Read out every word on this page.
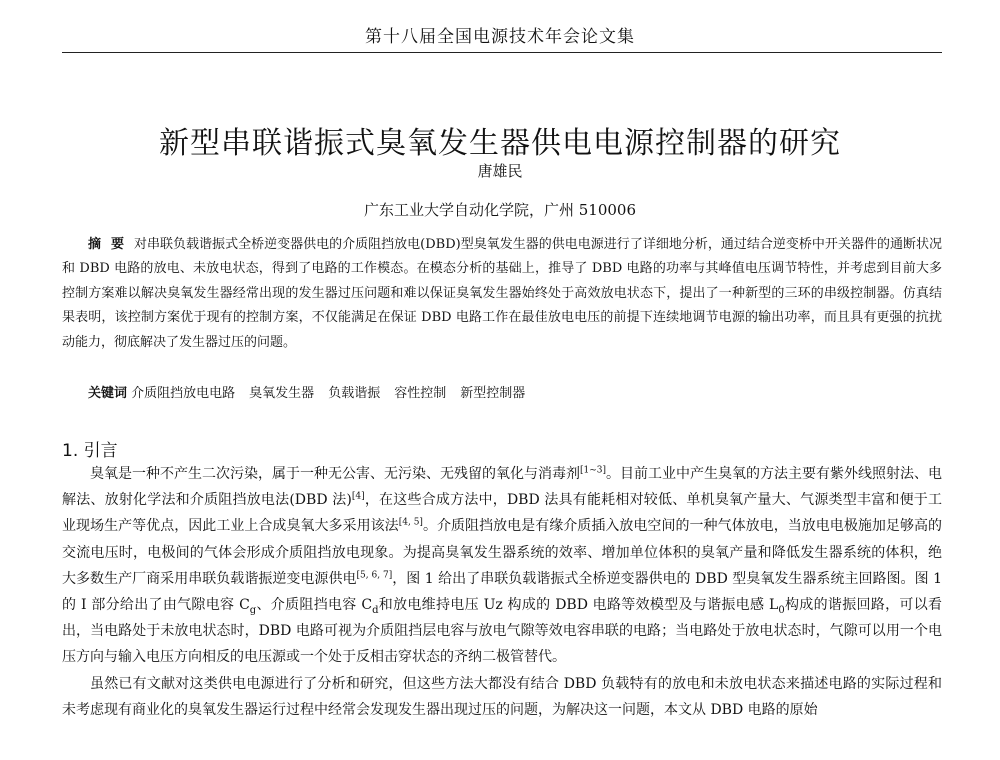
第十八届全国电源技术年会论文集
新型串联谐振式臭氧发生器供电电源控制器的研究
唐雄民
广东工业大学自动化学院，广州 510006
摘要对串联负载谐振式全桥逆变器供电的介质阻挡放电(DBD)型臭氧发生器的供电电源进行了详细地分析，通过结合逆变桥中开关器件的通断状况和 DBD 电路的放电、未放电状态，得到了电路的工作模态。在模态分析的基础上，推导了 DBD 电路的功率与其峰值电压调节特性，并考虑到目前大多控制方案难以解决臭氧发生器经常出现的发生器过压问题和难以保证臭氧发生器始终处于高效放电状态下，提出了一种新型的三环的串级控制器。仿真结果表明，该控制方案优于现有的控制方案，不仅能满足在保证 DBD 电路工作在最佳放电电压的前提下连续地调节电源的输出功率，而且具有更强的抗扰动能力，彻底解决了发生器过压的问题。
关键词 介质阻挡放电电路 臭氧发生器 负载谐振 容性控制 新型控制器
1. 引言

臭氧是一种不产生二次污染，属于一种无公害、无污染、无残留的氧化与消毒剂[1~3]。目前工业中产生臭氧的方法主要有紫外线照射法、电解法、放射化学法和介质阻挡放电法(DBD 法)[4]，在这些合成方法中，DBD 法具有能耗相对较低、单机臭氧产量大、气源类型丰富和便于工业现场生产等优点，因此工业上合成臭氧大多采用该法[4, 5]。介质阻挡放电是有缘介质插入放电空间的一种气体放电，当放电电极施加足够高的交流电压时，电极间的气体会形成介质阻挡放电现象。为提高臭氧发生器系统的效率、增加单位体积的臭氧产量和降低发生器系统的体积，绝大多数生产厂商采用串联负载谐振逆变电源供电[5, 6, 7]，图 1 给出了串联负载谐振式全桥逆变器供电的 DBD 型臭氧发生器系统主回路图。图 1 的 I 部分给出了由气隙电容 $C_g$、介质阻挡电容 $C_d$和放电维持电压 Uz 构成的 DBD 电路等效模型及与谐振电感 $L_0$构成的谐振回路，可以看出，当电路处于未放电状态时，DBD 电路可视为介质阻挡层电容与放电气隙等效电容串联的电路；当电路处于放电状态时，气隙可以用一个电压方向与输入电压方向相反的电压源或一个处于反相击穿状态的齐纳二极管替代。

虽然已有文献对这类供电电源进行了分析和研究，但这些方法大都没有结合 DBD 负载特有的放电和未放电状态来描述电路的实际过程和未考虑现有商业化的臭氧发生器运行过程中经常会发现发生器出现过压的问题，为解决这一问题，本文从 DBD 电路的原始
